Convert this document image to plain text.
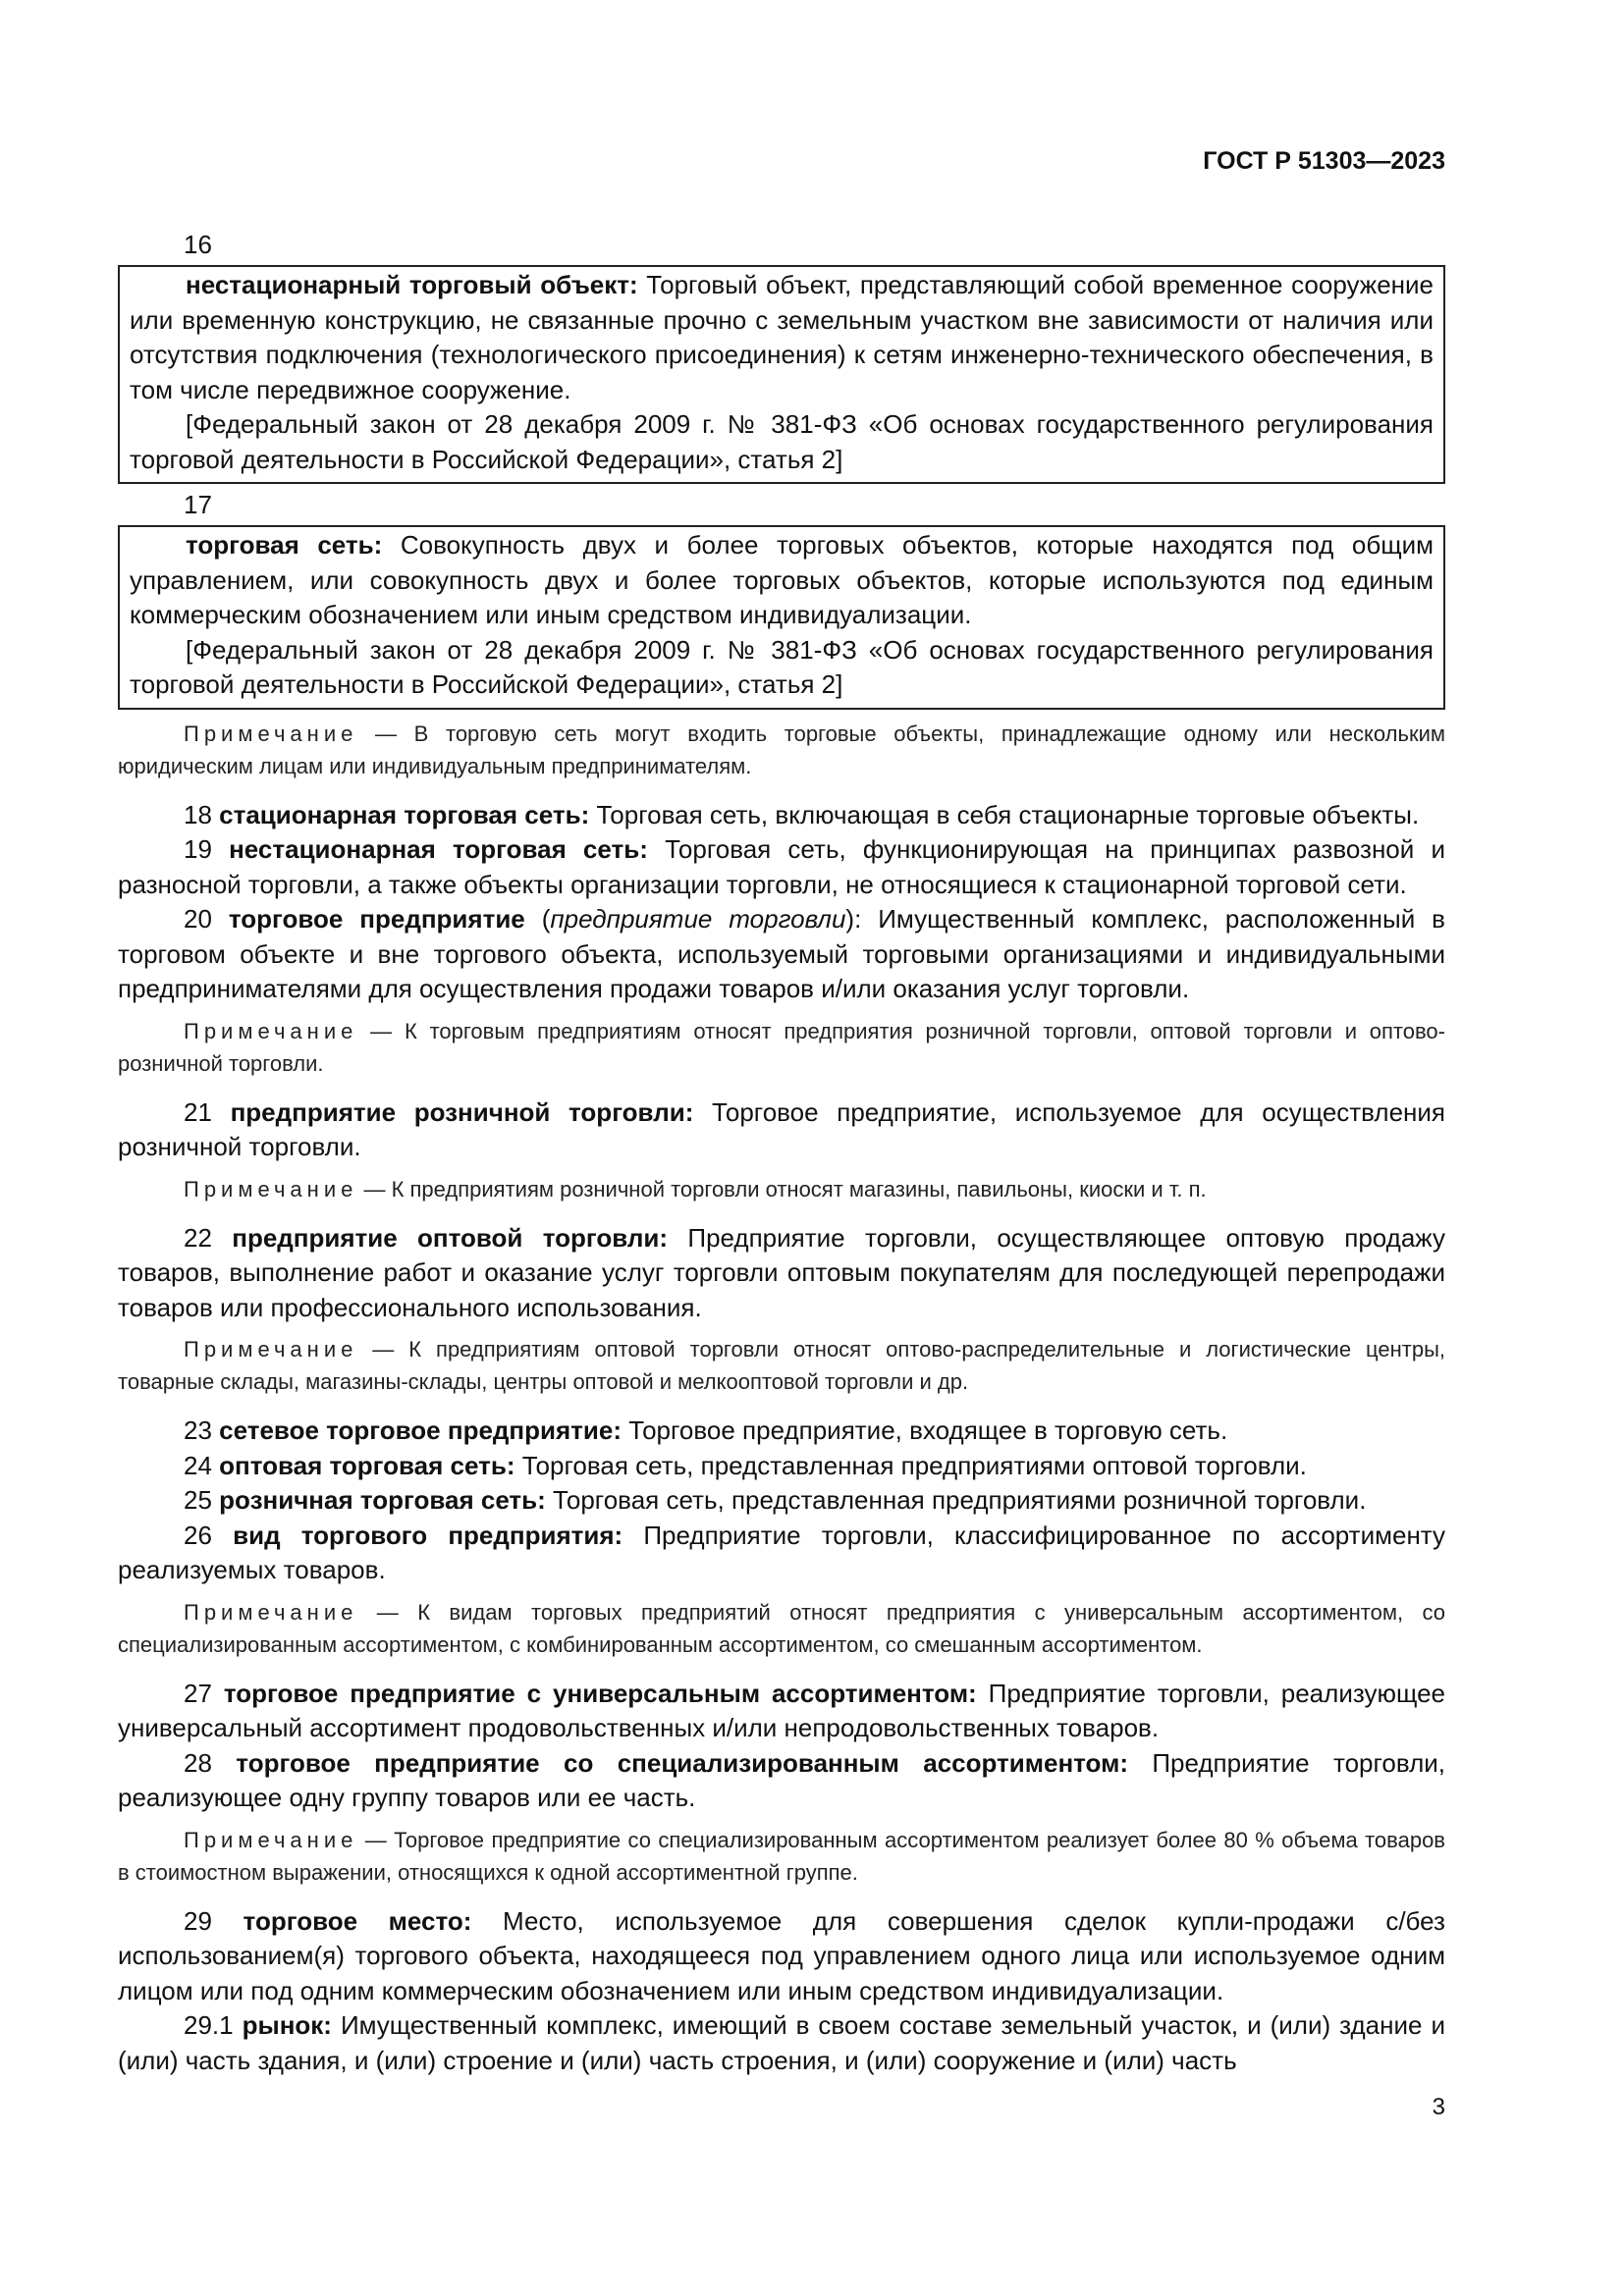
ГОСТ Р 51303—2023
16

нестационарный торговый объект: Торговый объект, представляющий собой временное сооружение или временную конструкцию, не связанные прочно с земельным участком вне зависимости от наличия или отсутствия подключения (технологического присоединения) к сетям инженерно-технического обеспечения, в том числе передвижное сооружение.

[Федеральный закон от 28 декабря 2009 г. № 381-ФЗ «Об основах государственного регулирования торговой деятельности в Российской Федерации», статья 2]

17

торговая сеть: Совокупность двух и более торговых объектов, которые находятся под общим управлением, или совокупность двух и более торговых объектов, которые используются под единым коммерческим обозначением или иным средством индивидуализации.

[Федеральный закон от 28 декабря 2009 г. № 381-ФЗ «Об основах государственного регулирования торговой деятельности в Российской Федерации», статья 2]

Примечание — В торговую сеть могут входить торговые объекты, принадлежащие одному или нескольким юридическим лицам или индивидуальным предпринимателям.

18 стационарная торговая сеть: Торговая сеть, включающая в себя стационарные торговые объекты.

19 нестационарная торговая сеть: Торговая сеть, функционирующая на принципах развозной и разносной торговли, а также объекты организации торговли, не относящиеся к стационарной торговой сети.

20 торговое предприятие (предприятие торговли): Имущественный комплекс, расположенный в торговом объекте и вне торгового объекта, используемый торговыми организациями и индивидуальными предпринимателями для осуществления продажи товаров и/или оказания услуг торговли.

Примечание — К торговым предприятиям относят предприятия розничной торговли, оптовой торговли и оптово-розничной торговли.

21 предприятие розничной торговли: Торговое предприятие, используемое для осуществления розничной торговли.

Примечание — К предприятиям розничной торговли относят магазины, павильоны, киоски и т. п.

22 предприятие оптовой торговли: Предприятие торговли, осуществляющее оптовую продажу товаров, выполнение работ и оказание услуг торговли оптовым покупателям для последующей перепродажи товаров или профессионального использования.

Примечание — К предприятиям оптовой торговли относят оптово-распределительные и логистические центры, товарные склады, магазины-склады, центры оптовой и мелкооптовой торговли и др.

23 сетевое торговое предприятие: Торговое предприятие, входящее в торговую сеть.

24 оптовая торговая сеть: Торговая сеть, представленная предприятиями оптовой торговли.

25 розничная торговая сеть: Торговая сеть, представленная предприятиями розничной торговли.

26 вид торгового предприятия: Предприятие торговли, классифицированное по ассортименту реализуемых товаров.

Примечание — К видам торговых предприятий относят предприятия с универсальным ассортиментом, со специализированным ассортиментом, с комбинированным ассортиментом, со смешанным ассортиментом.

27 торговое предприятие с универсальным ассортиментом: Предприятие торговли, реализующее универсальный ассортимент продовольственных и/или непродовольственных товаров.

28 торговое предприятие со специализированным ассортиментом: Предприятие торговли, реализующее одну группу товаров или ее часть.

Примечание — Торговое предприятие со специализированным ассортиментом реализует более 80 % объема товаров в стоимостном выражении, относящихся к одной ассортиментной группе.

29 торговое место: Место, используемое для совершения сделок купли-продажи с/без использованием(я) торгового объекта, находящееся под управлением одного лица или используемое одним лицом или под одним коммерческим обозначением или иным средством индивидуализации.

29.1 рынок: Имущественный комплекс, имеющий в своем составе земельный участок, и (или) здание и (или) часть здания, и (или) строение и (или) часть строения, и (или) сооружение и (или) часть

3
